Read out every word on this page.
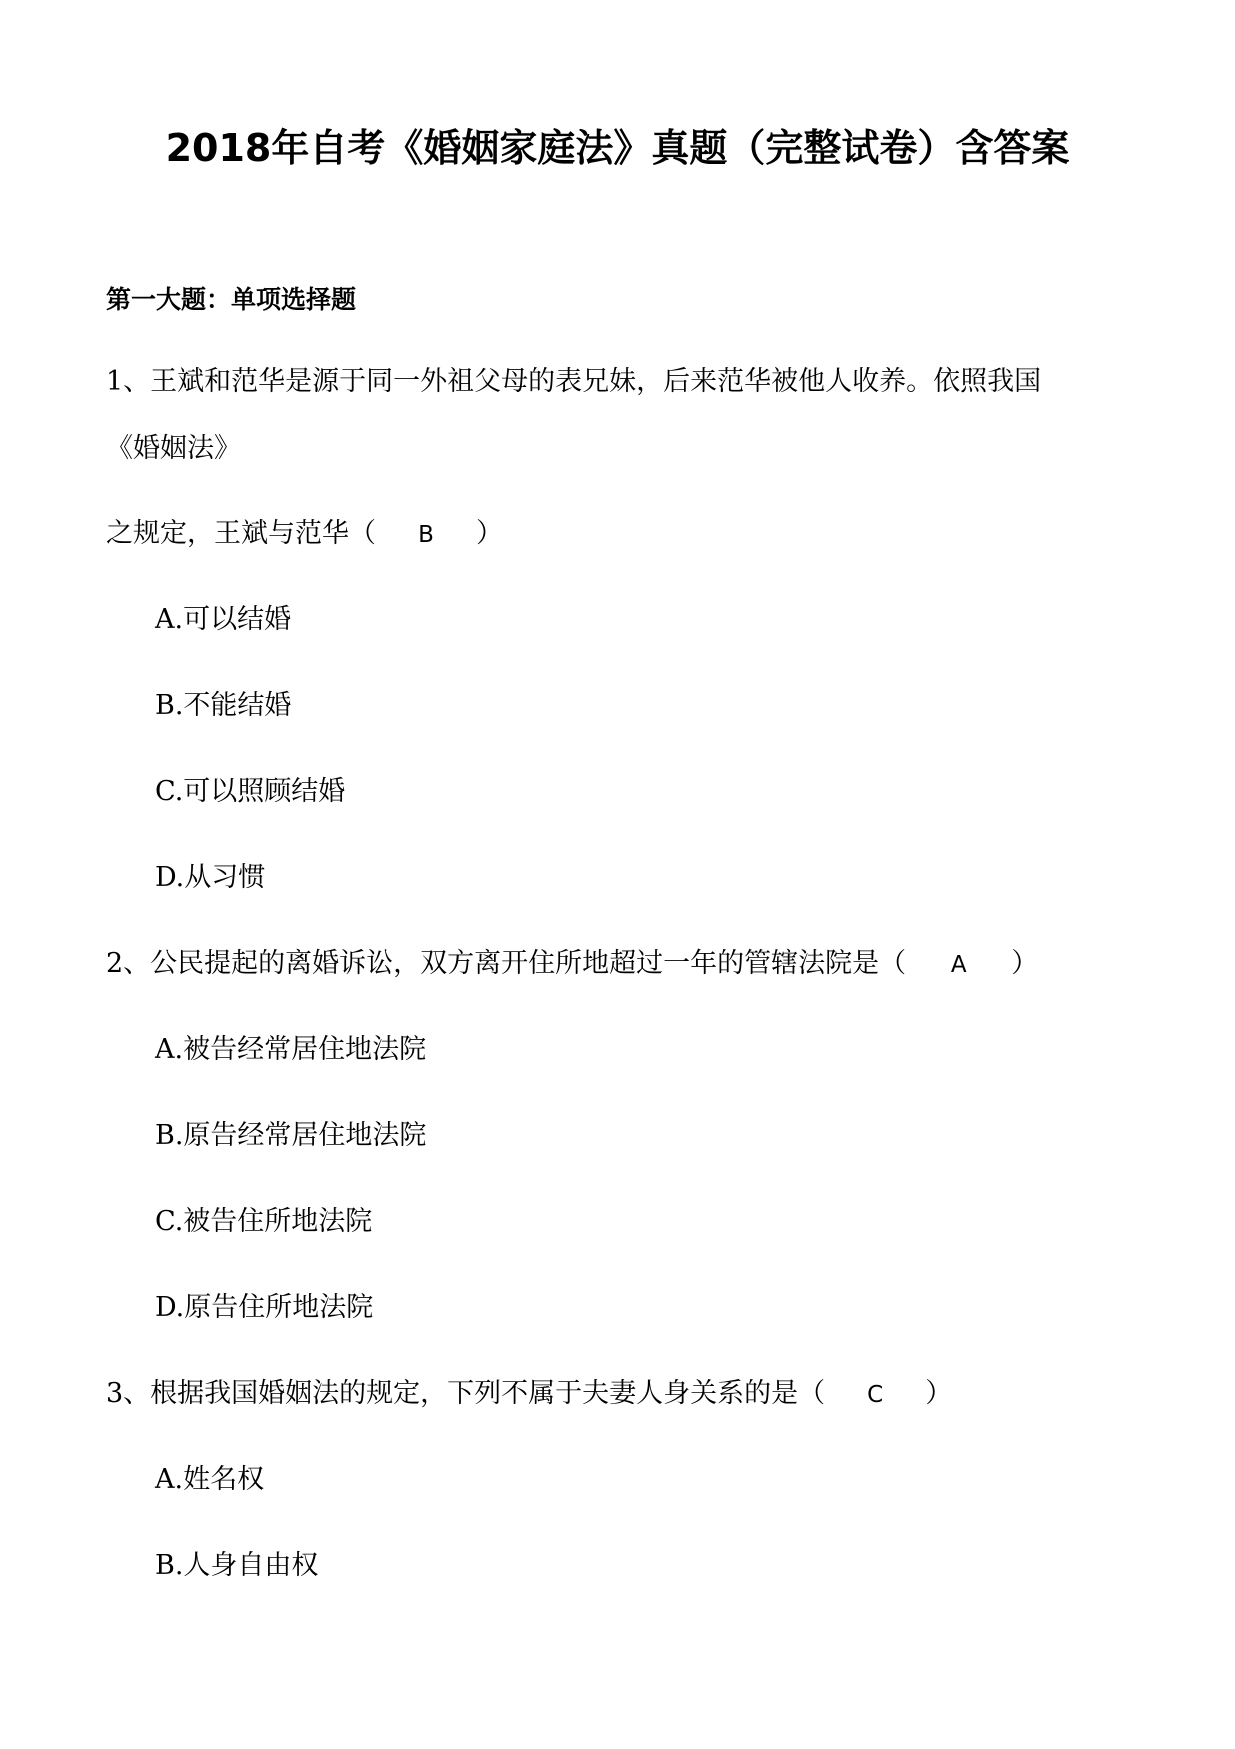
2018年自考《婚姻家庭法》真题（完整试卷）含答案
第一大题：单项选择题
1、王斌和范华是源于同一外祖父母的表兄妹，后来范华被他人收养。依照我国
《婚姻法》
之规定，王斌与范华（ B ）
A.可以结婚
B.不能结婚
C.可以照顾结婚
D.从习惯
2、公民提起的离婚诉讼，双方离开住所地超过一年的管辖法院是（ A ）
A.被告经常居住地法院
B.原告经常居住地法院
C.被告住所地法院
D.原告住所地法院
3、根据我国婚姻法的规定，下列不属于夫妻人身关系的是（ C ）
A.姓名权
B.人身自由权
